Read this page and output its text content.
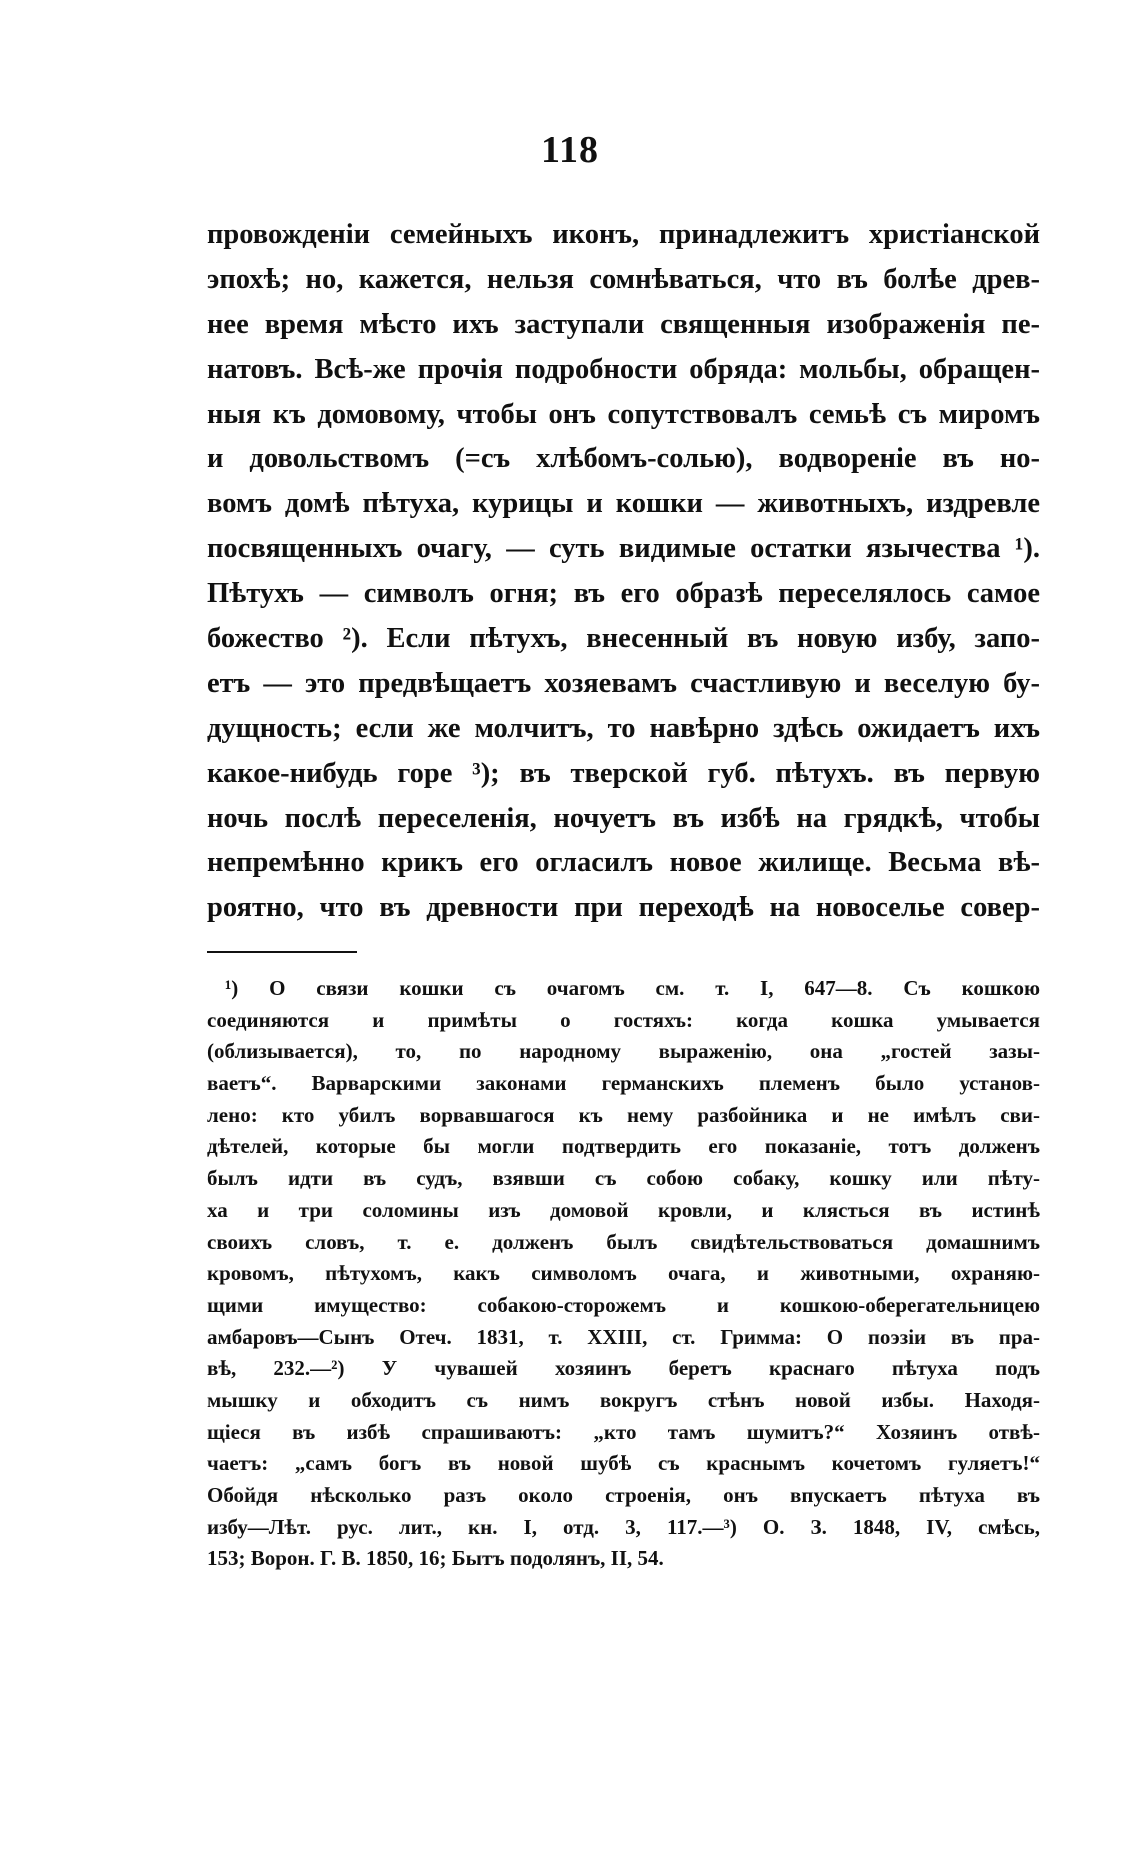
118
провожденіи семейныхъ иконъ, принадлежитъ христіанской
эпохѣ; но, кажется, нельзя сомнѣваться, что въ болѣе древ-
нее время мѣсто ихъ заступали священныя изображенія пе-
натовъ. Всѣ-же прочія подробности обряда: мольбы, обращен-
ныя къ домовому, чтобы онъ сопутствовалъ семьѣ съ миромъ
и довольствомъ (=съ хлѣбомъ-солью), водвореніе въ но-
вомъ домѣ пѣтуха, курицы и кошки — животныхъ, издревле
посвященныхъ очагу, — суть видимые остатки язычества ¹).
Пѣтухъ — символъ огня; въ его образѣ переселялось самое
божество ²). Если пѣтухъ, внесенный въ новую избу, запо-
етъ — это предвѣщаетъ хозяевамъ счастливую и веселую бу-
дущность; если же молчитъ, то навѣрно здѣсь ожидаетъ ихъ
какое-нибудь горе ³); въ тверской губ. пѣтухъ. въ первую
ночь послѣ переселенія, ночуетъ въ избѣ на грядкѣ, чтобы
непремѣнно крикъ его огласилъ новое жилище. Весьма вѣ-
роятно, что въ древности при переходѣ на новоселье совер-
¹) О связи кошки съ очагомъ см. т. I, 647—8. Съ кошкою
соединяются и примѣты о гостяхъ: когда кошка умывается
(облизывается), то, по народному выраженію, она „гостей зазы-
ваетъ“. Варварскими законами германскихъ племенъ было установ-
лено: кто убилъ ворвавшагося къ нему разбойника и не имѣлъ сви-
дѣтелей, которые бы могли подтвердить его показаніе, тотъ долженъ
былъ идти въ судъ, взявши съ собою собаку, кошку или пѣту-
ха и три соломины изъ домовой кровли, и клясться въ истинѣ
своихъ словъ, т. е. долженъ былъ свидѣтельствоваться домашнимъ
кровомъ, пѣтухомъ, какъ символомъ очага, и животными, охраняю-
щими имущество: собакою-сторожемъ и кошкою-оберегательницею
амбаровъ—Сынъ Отеч. 1831, т. XXIII, ст. Гримма: О поэзіи въ пра-
вѣ, 232.—²) У чувашей хозяинъ беретъ краснаго пѣтуха подъ
мышку и обходитъ съ нимъ вокругъ стѣнъ новой избы. Находя-
щіеся въ избѣ спрашиваютъ: „кто тамъ шумитъ?“ Хозяинъ отвѣ-
чаетъ: „самъ богъ въ новой шубѣ съ краснымъ кочетомъ гуляетъ!“
Обойдя нѣсколько разъ около строенія, онъ впускаетъ пѣтуха въ
избу—Лѣт. рус. лит., кн. I, отд. 3, 117.—³) О. З. 1848, IV, смѣсь,
153; Ворон. Г. В. 1850, 16; Бытъ подолянъ, II, 54.
